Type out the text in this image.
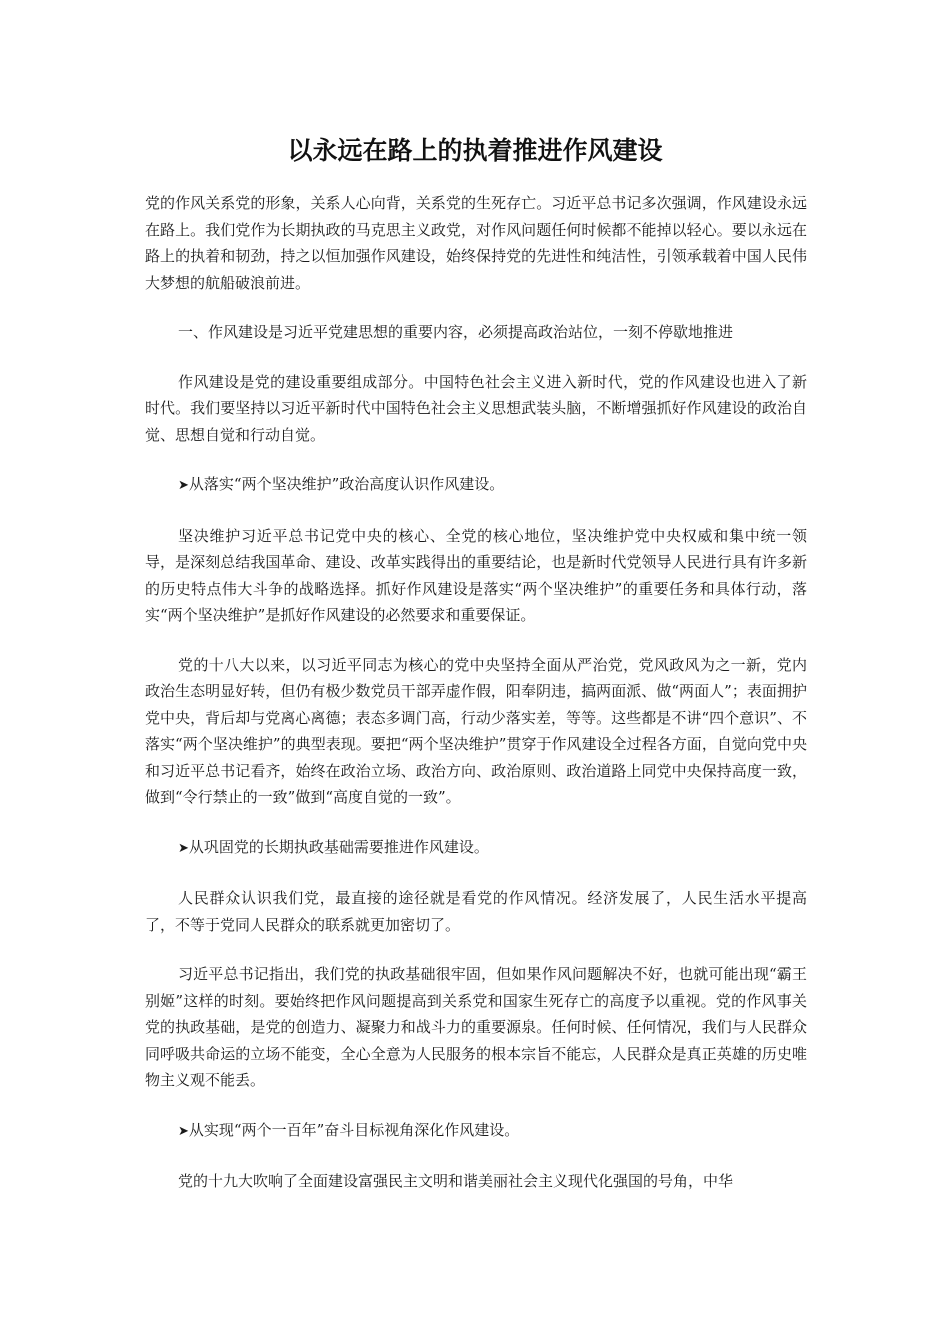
以永远在路上的执着推进作风建设

党的作风关系党的形象，关系人心向背，关系党的生死存亡。习近平总书记多次强调，作风建设永远在路上。我们党作为长期执政的马克思主义政党，对作风问题任何时候都不能掉以轻心。要以永远在路上的执着和韧劲，持之以恒加强作风建设，始终保持党的先进性和纯洁性，引领承载着中国人民伟大梦想的航船破浪前进。

一、作风建设是习近平党建思想的重要内容，必须提高政治站位，一刻不停歇地推进

作风建设是党的建设重要组成部分。中国特色社会主义进入新时代，党的作风建设也进入了新时代。我们要坚持以习近平新时代中国特色社会主义思想武装头脑，不断增强抓好作风建设的政治自觉、思想自觉和行动自觉。

➤从落实“两个坚决维护”政治高度认识作风建设。

坚决维护习近平总书记党中央的核心、全党的核心地位，坚决维护党中央权威和集中统一领导，是深刻总结我国革命、建设、改革实践得出的重要结论，也是新时代党领导人民进行具有许多新的历史特点伟大斗争的战略选择。抓好作风建设是落实“两个坚决维护”的重要任务和具体行动，落实“两个坚决维护”是抓好作风建设的必然要求和重要保证。

党的十八大以来，以习近平同志为核心的党中央坚持全面从严治党，党风政风为之一新，党内政治生态明显好转，但仍有极少数党员干部弄虚作假，阳奉阴违，搞两面派、做“两面人”；表面拥护党中央，背后却与党离心离德；表态多调门高，行动少落实差，等等。这些都是不讲“四个意识”、不落实“两个坚决维护”的典型表现。要把“两个坚决维护”贯穿于作风建设全过程各方面，自觉向党中央和习近平总书记看齐，始终在政治立场、政治方向、政治原则、政治道路上同党中央保持高度一致，做到“令行禁止的一致”做到“高度自觉的一致”。

➤从巩固党的长期执政基础需要推进作风建设。

人民群众认识我们党，最直接的途径就是看党的作风情况。经济发展了，人民生活水平提高了，不等于党同人民群众的联系就更加密切了。

习近平总书记指出，我们党的执政基础很牢固，但如果作风问题解决不好，也就可能出现“霸王别姬”这样的时刻。要始终把作风问题提高到关系党和国家生死存亡的高度予以重视。党的作风事关党的执政基础，是党的创造力、凝聚力和战斗力的重要源泉。任何时候、任何情况，我们与人民群众同呼吸共命运的立场不能变，全心全意为人民服务的根本宗旨不能忘，人民群众是真正英雄的历史唯物主义观不能丢。

➤从实现“两个一百年”奋斗目标视角深化作风建设。

党的十九大吹响了全面建设富强民主文明和谐美丽社会主义现代化强国的号角，中华
